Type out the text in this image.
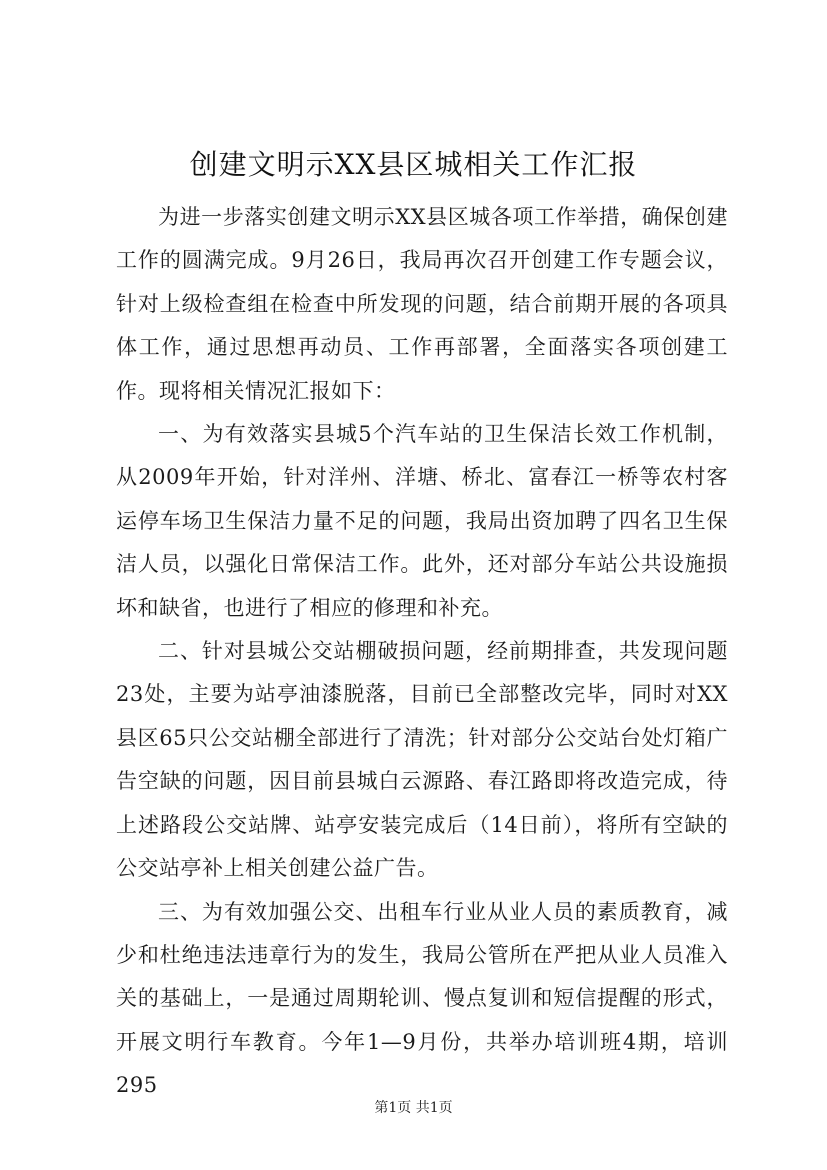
创建文明示XX县区城相关工作汇报

为进一步落实创建文明示XX县区城各项工作举措，确保创建工作的圆满完成。9月26日，我局再次召开创建工作专题会议，针对上级检查组在检查中所发现的问题，结合前期开展的各项具体工作，通过思想再动员、工作再部署，全面落实各项创建工作。现将相关情况汇报如下：

一、为有效落实县城5个汽车站的卫生保洁长效工作机制，从2009年开始，针对洋州、洋塘、桥北、富春江一桥等农村客运停车场卫生保洁力量不足的问题，我局出资加聘了四名卫生保洁人员，以强化日常保洁工作。此外，还对部分车站公共设施损坏和缺省，也进行了相应的修理和补充。

二、针对县城公交站棚破损问题，经前期排查，共发现问题23处，主要为站亭油漆脱落，目前已全部整改完毕，同时对XX县区65只公交站棚全部进行了清洗；针对部分公交站台处灯箱广告空缺的问题，因目前县城白云源路、春江路即将改造完成，待上述路段公交站牌、站亭安装完成后（14日前），将所有空缺的公交站亭补上相关创建公益广告。

三、为有效加强公交、出租车行业从业人员的素质教育，减少和杜绝违法违章行为的发生，我局公管所在严把从业人员准入关的基础上，一是通过周期轮训、慢点复训和短信提醒的形式，开展文明行车教育。今年1—9月份，共举办培训班4期，培训295

第1页 共1页
